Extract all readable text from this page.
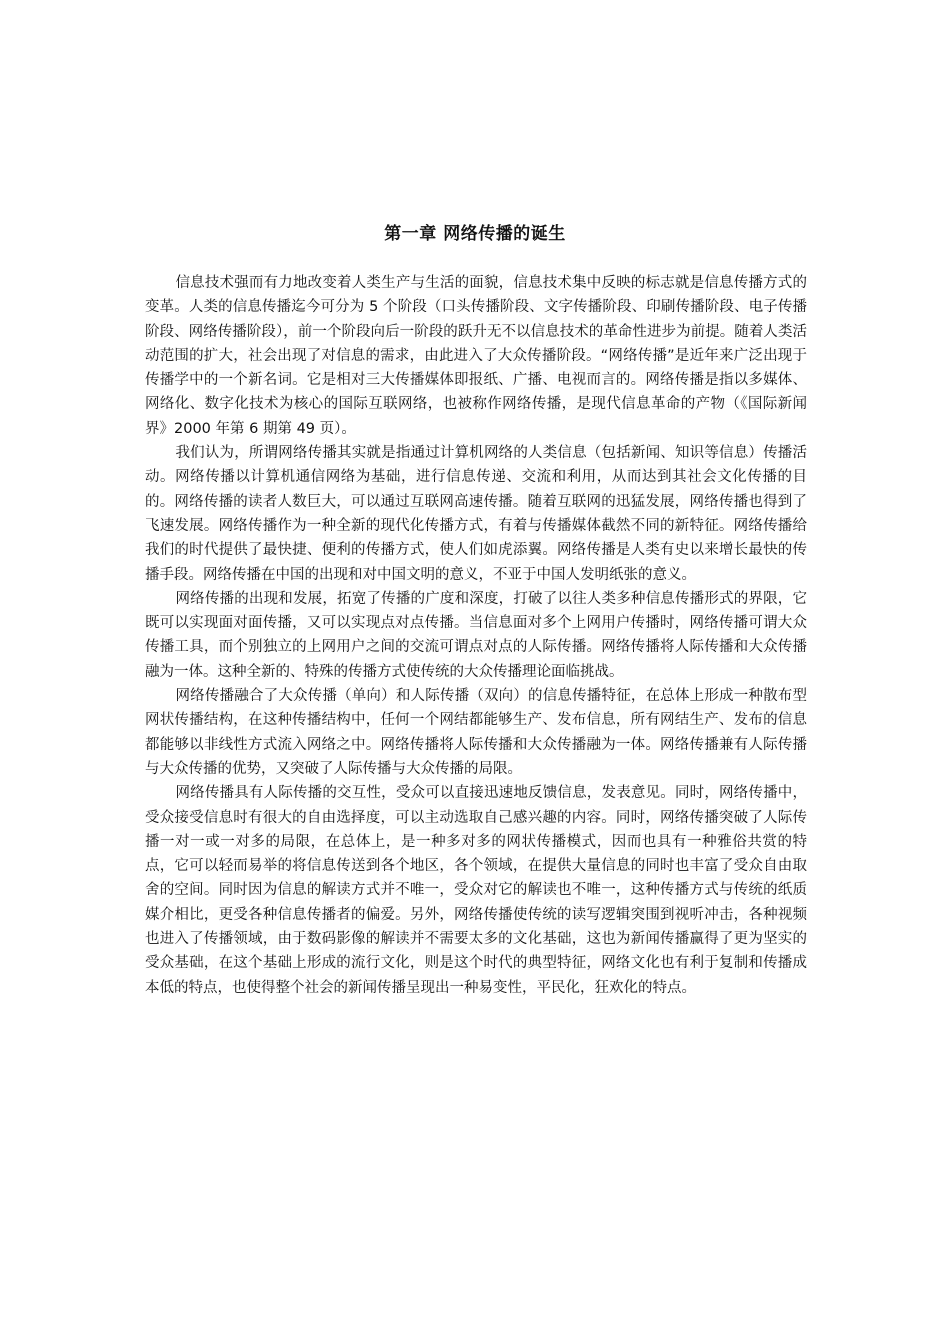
第一章 网络传播的诞生

信息技术强而有力地改变着人类生产与生活的面貌，信息技术集中反映的标志就是信息传播方式的变革。人类的信息传播迄今可分为 5 个阶段（口头传播阶段、文字传播阶段、印刷传播阶段、电子传播阶段、网络传播阶段），前一个阶段向后一阶段的跃升无不以信息技术的革命性进步为前提。随着人类活动范围的扩大，社会出现了对信息的需求，由此进入了大众传播阶段。“网络传播”是近年来广泛出现于传播学中的一个新名词。它是相对三大传播媒体即报纸、广播、电视而言的。网络传播是指以多媒体、网络化、数字化技术为核心的国际互联网络，也被称作网络传播，是现代信息革命的产物（《国际新闻界》2000 年第 6 期第 49 页）。

我们认为，所谓网络传播其实就是指通过计算机网络的人类信息（包括新闻、知识等信息）传播活动。网络传播以计算机通信网络为基础，进行信息传递、交流和利用，从而达到其社会文化传播的目的。网络传播的读者人数巨大，可以通过互联网高速传播。随着互联网的迅猛发展，网络传播也得到了飞速发展。网络传播作为一种全新的现代化传播方式，有着与传播媒体截然不同的新特征。网络传播给我们的时代提供了最快捷、便利的传播方式，使人们如虎添翼。网络传播是人类有史以来增长最快的传播手段。网络传播在中国的出现和对中国文明的意义，不亚于中国人发明纸张的意义。

网络传播的出现和发展，拓宽了传播的广度和深度，打破了以往人类多种信息传播形式的界限，它既可以实现面对面传播，又可以实现点对点传播。当信息面对多个上网用户传播时，网络传播可谓大众传播工具，而个别独立的上网用户之间的交流可谓点对点的人际传播。网络传播将人际传播和大众传播融为一体。这种全新的、特殊的传播方式使传统的大众传播理论面临挑战。

网络传播融合了大众传播（单向）和人际传播（双向）的信息传播特征，在总体上形成一种散布型网状传播结构，在这种传播结构中，任何一个网结都能够生产、发布信息，所有网结生产、发布的信息都能够以非线性方式流入网络之中。网络传播将人际传播和大众传播融为一体。网络传播兼有人际传播与大众传播的优势，又突破了人际传播与大众传播的局限。

网络传播具有人际传播的交互性，受众可以直接迅速地反馈信息，发表意见。同时，网络传播中，受众接受信息时有很大的自由选择度，可以主动选取自己感兴趣的内容。同时，网络传播突破了人际传播一对一或一对多的局限，在总体上，是一种多对多的网状传播模式，因而也具有一种雅俗共赏的特点，它可以轻而易举的将信息传送到各个地区，各个领域，在提供大量信息的同时也丰富了受众自由取舍的空间。同时因为信息的解读方式并不唯一，受众对它的解读也不唯一，这种传播方式与传统的纸质媒介相比，更受各种信息传播者的偏爱。另外，网络传播使传统的读写逻辑突围到视听冲击，各种视频也进入了传播领域，由于数码影像的解读并不需要太多的文化基础，这也为新闻传播赢得了更为坚实的受众基础，在这个基础上形成的流行文化，则是这个时代的典型特征，网络文化也有利于复制和传播成本低的特点，也使得整个社会的新闻传播呈现出一种易变性，平民化，狂欢化的特点。
